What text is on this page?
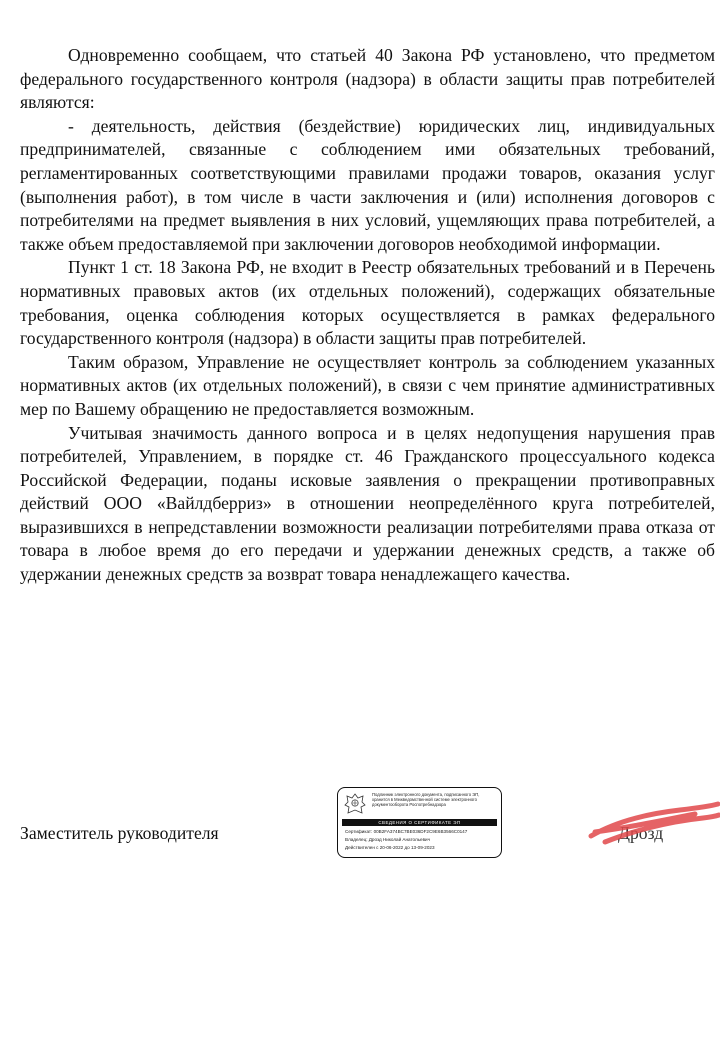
Одновременно сообщаем, что статьей 40 Закона РФ установлено, что предметом федерального государственного контроля (надзора) в области защиты прав потребителей являются:

- деятельность, действия (бездействие) юридических лиц, индивидуальных предпринимателей, связанные с соблюдением ими обязательных требований, регламентированных соответствующими правилами продажи товаров, оказания услуг (выполнения работ), в том числе в части заключения и (или) исполнения договоров с потребителями на предмет выявления в них условий, ущемляющих права потребителей, а также объем предоставляемой при заключении договоров необходимой информации.

Пункт 1 ст. 18 Закона РФ, не входит в Реестр обязательных требований и в Перечень нормативных правовых актов (их отдельных положений), содержащих обязательные требования, оценка соблюдения которых осуществляется в рамках федерального государственного контроля (надзора) в области защиты прав потребителей.

Таким образом, Управление не осуществляет контроль за соблюдением указанных нормативных актов (их отдельных положений), в связи с чем принятие административных мер по Вашему обращению не предоставляется возможным.

Учитывая значимость данного вопроса и в целях недопущения нарушения прав потребителей, Управлением, в порядке ст. 46 Гражданского процессуального кодекса Российской Федерации, поданы исковые заявления о прекращении противоправных действий ООО «Вайлдберриз» в отношении неопределённого круга потребителей, выразившихся в непредставлении возможности реализации потребителями права отказа от товара в любое время до его передачи и удержании денежных средств, а также об удержании денежных средств за возврат товара ненадлежащего качества.

Заместитель руководителя
Подлинник электронного документа, подписанного ЭП, хранится в Межведомственной системе электронного документооборота Роспотребнадзора
СВЕДЕНИЯ О СЕРТИФИКАТЕ ЭП
Сертификат: 00B2FA374BC7BE036DF2C9E6B3566C0147
Владелец: Дрозд Николай Анатольевич
Действителен с 20-06-2022 до 13-09-2023
Дрозд
